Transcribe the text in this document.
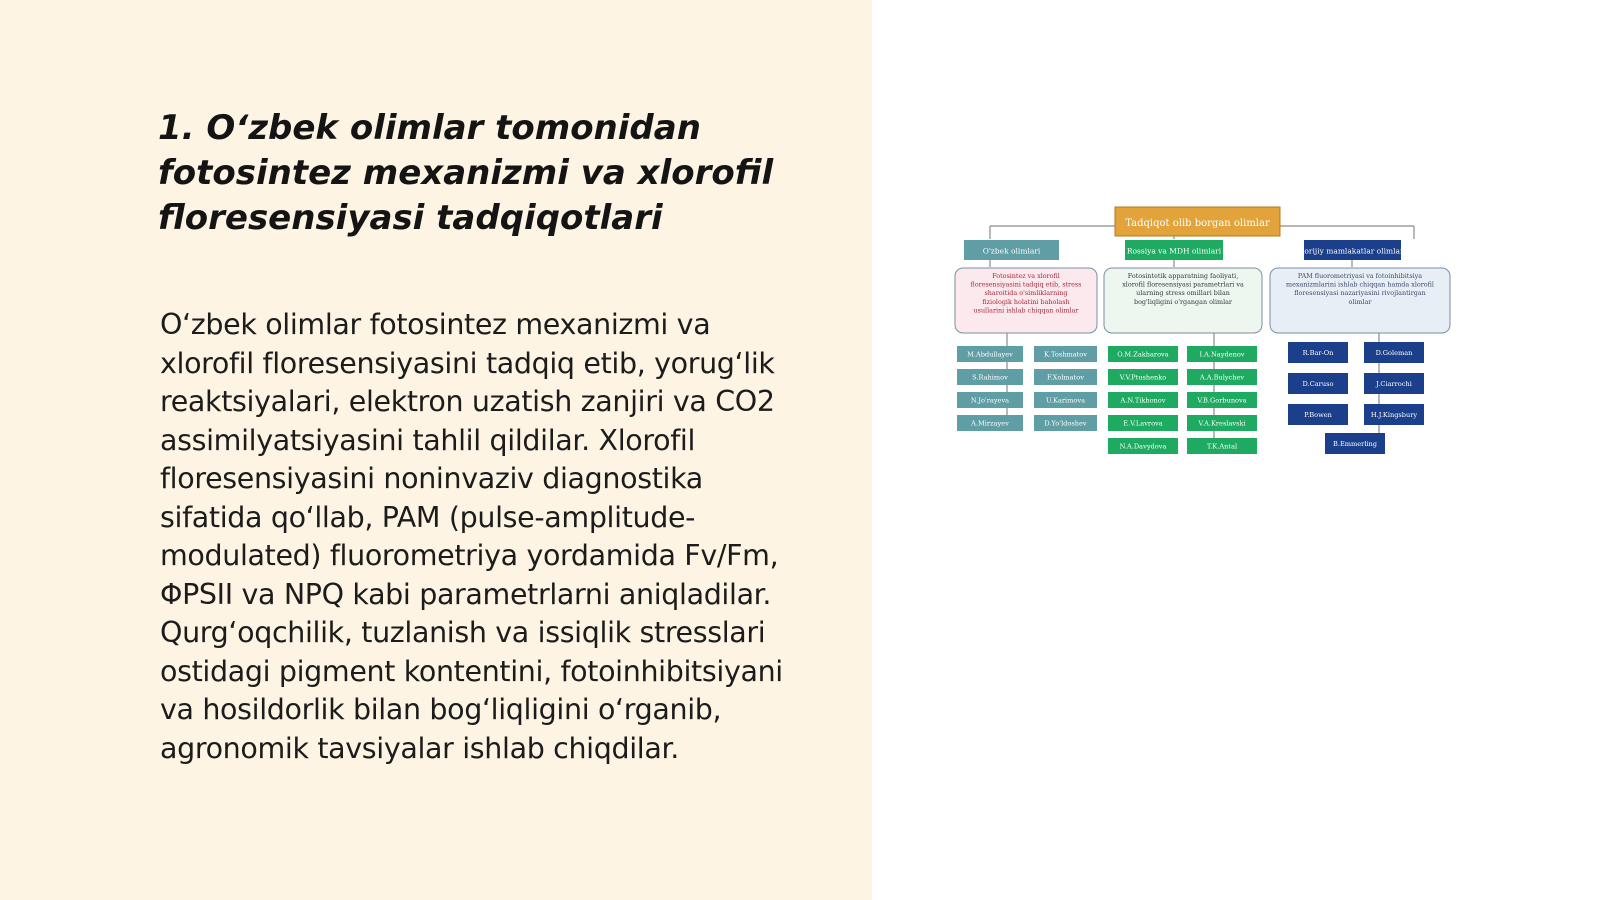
1. O‘zbek olimlar tomonidan
fotosintez mexanizmi va xlorofil
floresensiyasi tadqiqotlari

O‘zbek olimlar fotosintez mexanizmi va
xlorofil floresensiyasini tadqiq etib, yorug‘lik
reaktsiyalari, elektron uzatish zanjiri va CO2
assimilyatsiyasini tahlil qildilar. Xlorofil
floresensiyasini noninvaziv diagnostika
sifatida qo‘llab, PAM (pulse-amplitude-
modulated) fluorometriya yordamida Fv/Fm,
ΦPSII va NPQ kabi parametrlarni aniqladilar.
Qurg‘oqchilik, tuzlanish va issiqlik stresslari
ostidagi pigment kontentini, fotoinhibitsiyani
va hosildorlik bilan bog‘liqligini o‘rganib,
agronomik tavsiyalar ishlab chiqdilar.

Tadqiqot olib borgan olimlar
O'zbek olimlari	Rossiya va MDH olimlari	Xorijiy mamlakatlar olimlari
Fotosintez va xlorofil floresensiyasini tadqiq etib, stress sharoitida o'simliklarning fiziologik holatini baholash usullarini ishlab chiqqan olimlar
Fotosintetik apparatning faoliyati, xlorofil floresensiyasi parametrlari va ularning stress omillari bilan bog'liqligini o'rgangan olimlar
PAM fluorometriyasi va fotoinhibitsiya mexanizmlarini ishlab chiqqan hamda xlorofil floresensiyasi nazariyasini rivojlantirgan olimlar
M.Abdullayev
S.Rahimov
N.Jo'rayeva
A.Mirzayev
K.Toshmatov
F.Xolmatov
U.Karimova
D.Yo'ldoshev
O.M.Zakharova
V.V.Ptushenko
A.N.Tikhonov
E.V.Lavrova
N.A.Davydova
I.A.Naydenov
A.A.Bulychev
V.B.Gorbunova
V.A.Kreslavski
T.K.Antal
R.Bar-On
D.Caruso
P.Bowen
D.Goleman
J.Ciarrochi
H.J.Kingsbury
B.Emmerling
